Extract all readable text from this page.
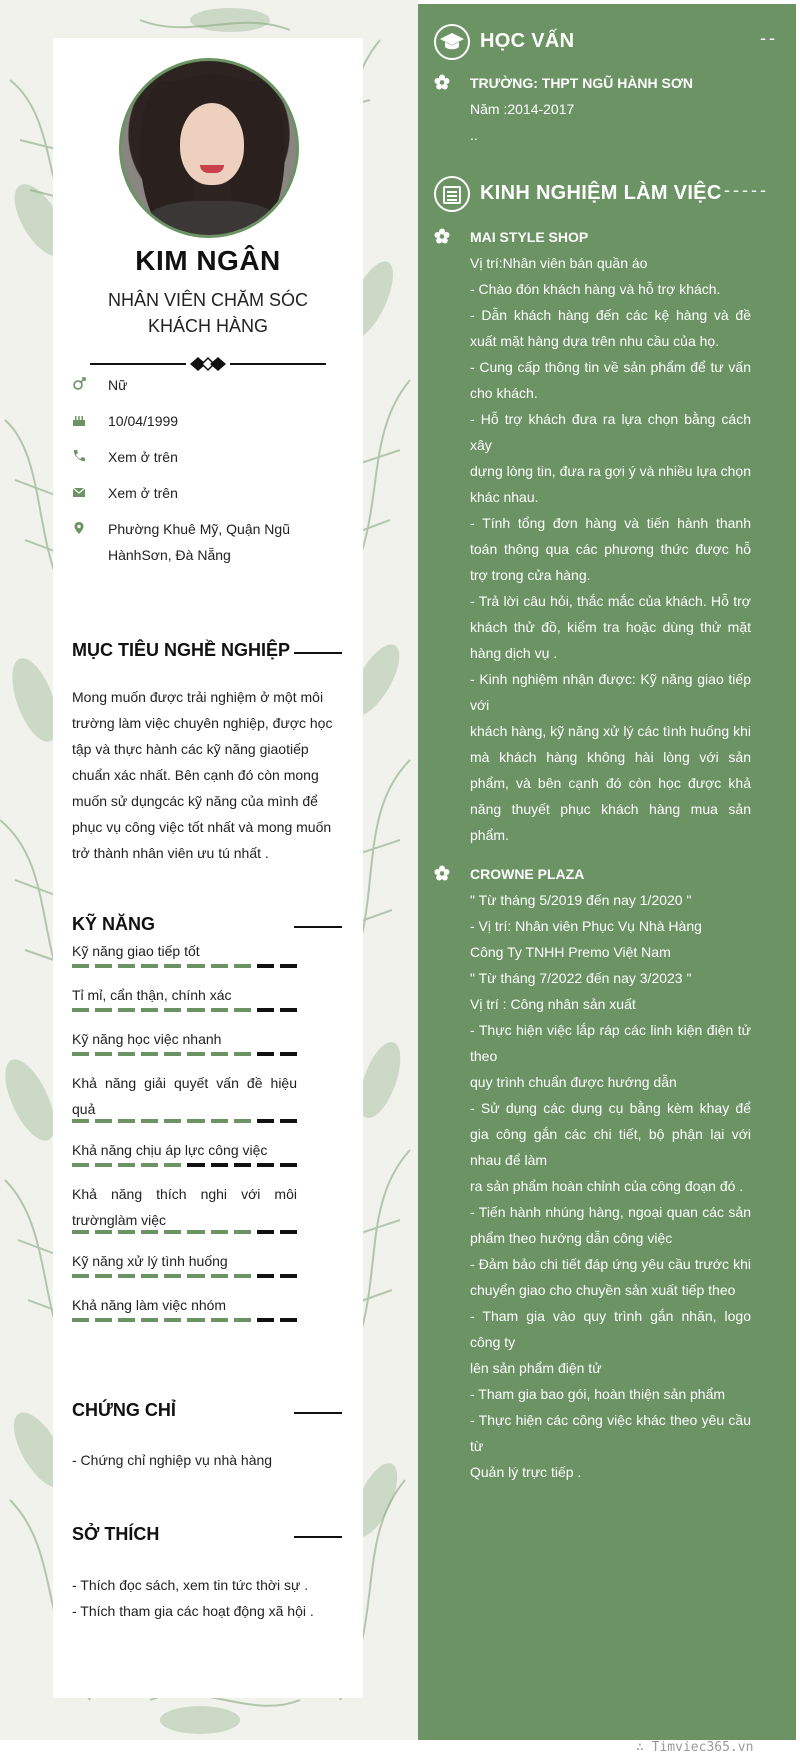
KIM NGÂN
NHÂN VIÊN CHĂM SÓC KHÁCH HÀNG
Nữ
10/04/1999
Xem ở trên
Xem ở trên
Phường Khuê Mỹ, Quận Ngũ HànhSơn, Đà Nẵng
MỤC TIÊU NGHỀ NGHIỆP
Mong muốn được trải nghiệm ở một môi trường làm việc chuyên nghiệp, được học tập và thực hành các kỹ năng giaotiếp chuẩn xác nhất. Bên cạnh đó còn mong muốn sử dụngcác kỹ năng của mình để phục vụ công việc tốt nhất và mong muốn trở thành nhân viên ưu tú nhất .
KỸ NĂNG
Kỹ năng giao tiếp tốt
Tỉ mỉ, cẩn thận, chính xác
Kỹ năng học việc nhanh
Khả năng giải quyết vấn đề hiệu quả
Khả năng chịu áp lực công việc
Khả năng thích nghi với môi trườnglàm việc
Kỹ năng xử lý tình huống
Khả năng làm việc nhóm
CHỨNG CHỈ
- Chứng chỉ nghiệp vụ nhà hàng
SỞ THÍCH
- Thích đọc sách, xem tin tức thời sự .
- Thích tham gia các hoạt động xã hội .
HỌC VẤN	--
TRƯỜNG: THPT NGŨ HÀNH SƠN
Năm :2014-2017
..
KINH NGHIỆM LÀM VIỆC -----
MAI STYLE SHOP
Vị trí:Nhân viên bán quần áo
- Chào đón khách hàng và hỗ trợ khách.
- Dẫn khách hàng đến các kệ hàng và đề xuất mặt hàng dựa trên nhu cầu của họ.
- Cung cấp thông tin về sản phẩm để tư vấn cho khách.
- Hỗ trợ khách đưa ra lựa chọn bằng cách xây
dựng lòng tin, đưa ra gợi ý và nhiều lựa chọn khác nhau.
- Tính tổng đơn hàng và tiến hành thanh toán thông qua các phương thức được hỗ trợ trong cửa hàng.
- Trả lời câu hỏi, thắc mắc của khách. Hỗ trợ khách thử đồ, kiểm tra hoặc dùng thử mặt hàng dịch vụ .
- Kinh nghiệm nhận được: Kỹ năng giao tiếp với
khách hàng, kỹ năng xử lý các tình huống khi mà khách hàng không hài lòng với sản phẩm, và bên cạnh đó còn học được khả năng thuyết phục khách hàng mua sản phẩm.
CROWNE PLAZA
" Từ tháng 5/2019 đến nay 1/2020 "
- Vị trí: Nhân viên Phục Vụ Nhà Hàng
Công Ty TNHH Premo Việt Nam
" Từ tháng 7/2022 đến nay 3/2023 "
Vị trí : Công nhân sản xuất
- Thực hiện việc lắp ráp các linh kiện điện tử theo
quy trình chuẩn được hướng dẫn
- Sử dụng các dụng cụ bằng kèm khay để gia công gắn các chi tiết, bộ phận lại với nhau để làm
ra sản phẩm hoàn chỉnh của công đoạn đó .
- Tiến hành nhúng hàng, ngoại quan các sản phẩm theo hướng dẫn công việc
- Đảm bảo chi tiết đáp ứng yêu cầu trước khi chuyển giao cho chuyền sản xuất tiếp theo
- Tham gia vào quy trình gắn nhãn, logo công ty
lên sản phẩm điện tử
- Tham gia bao gói, hoàn thiện sản phẩm
- Thực hiện các công việc khác theo yêu cầu từ
Quản lý trực tiếp .
∴ Timviec365.vn
